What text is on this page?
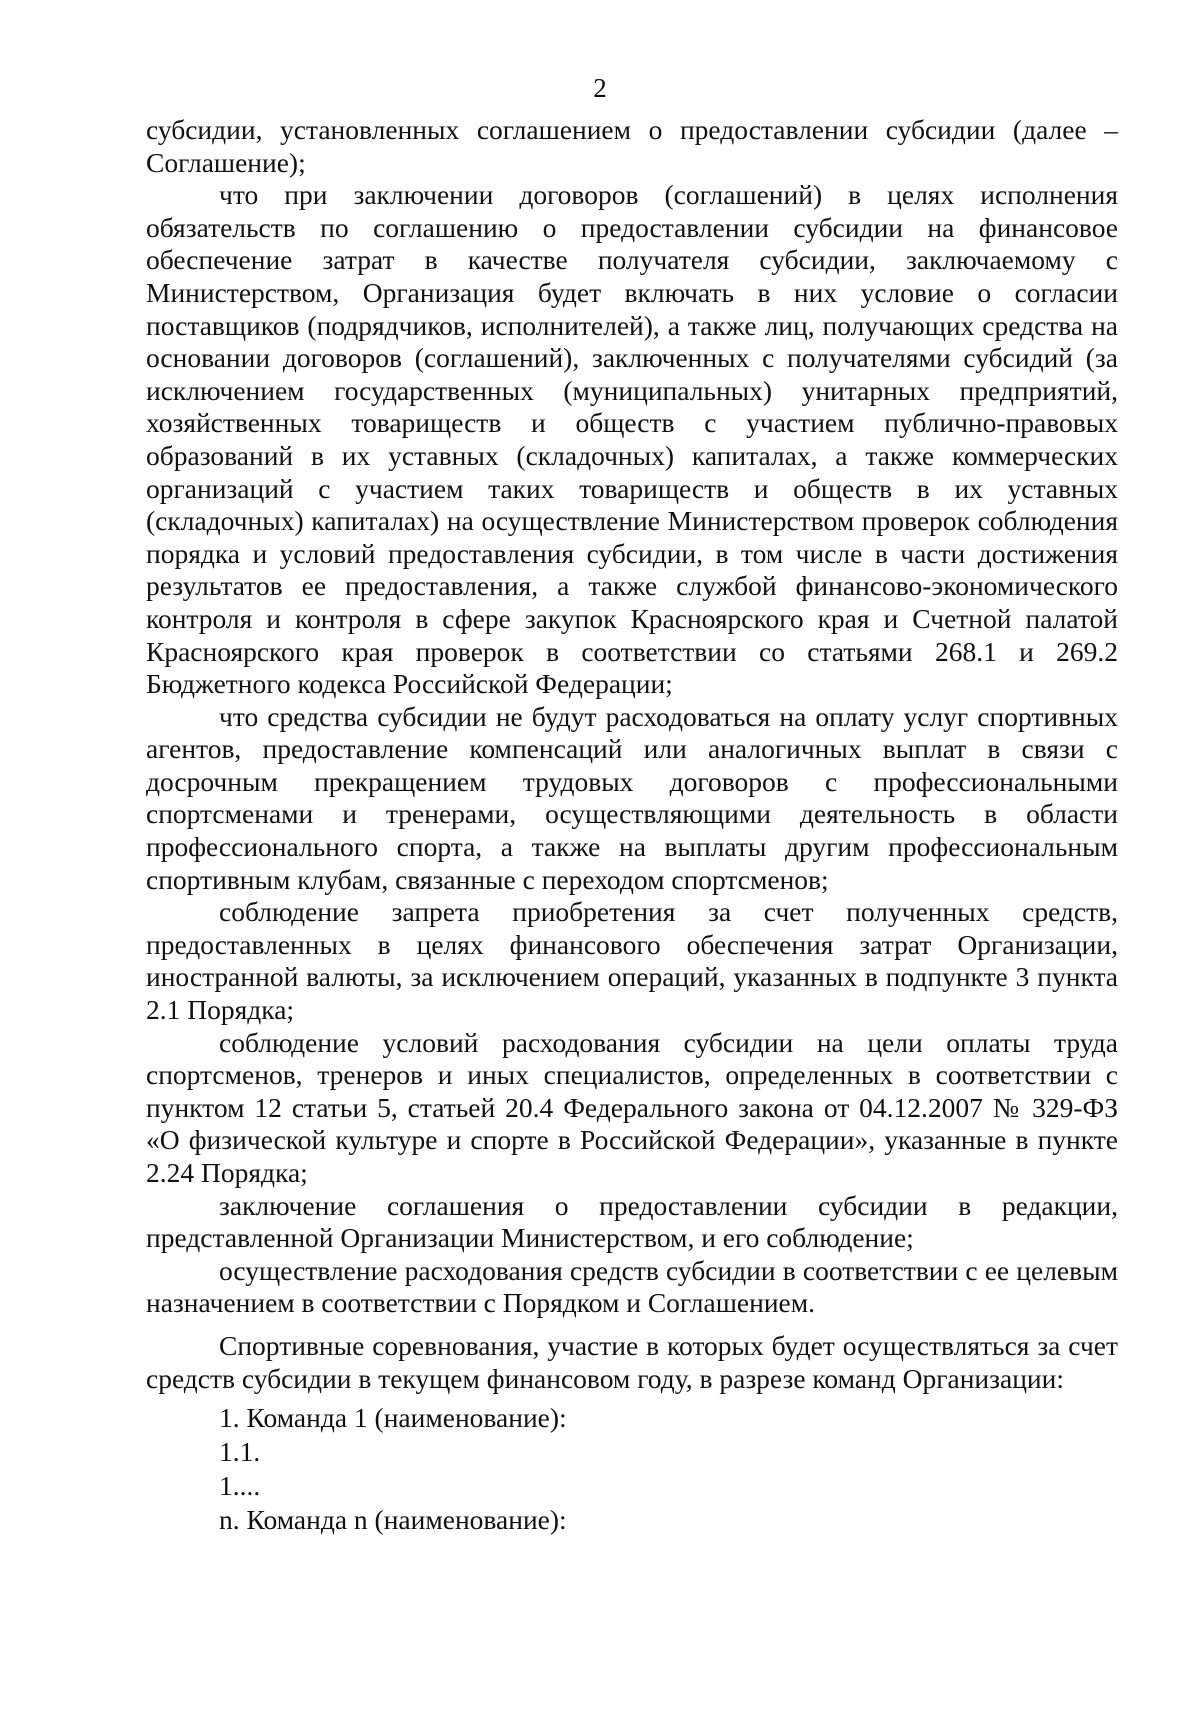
2

субсидии, установленных соглашением о предоставлении субсидии (далее – Соглашение);

что при заключении договоров (соглашений) в целях исполнения обязательств по соглашению о предоставлении субсидии на финансовое обеспечение затрат в качестве получателя субсидии, заключаемому с Министерством, Организация будет включать в них условие о согласии поставщиков (подрядчиков, исполнителей), а также лиц, получающих средства на основании договоров (соглашений), заключенных с получателями субсидий (за исключением государственных (муниципальных) унитарных предприятий, хозяйственных товариществ и обществ с участием публично-правовых образований в их уставных (складочных) капиталах, а также коммерческих организаций с участием таких товариществ и обществ в их уставных (складочных) капиталах) на осуществление Министерством проверок соблюдения порядка и условий предоставления субсидии, в том числе в части достижения результатов ее предоставления, а также службой финансово-экономического контроля и контроля в сфере закупок Красноярского края и Счетной палатой Красноярского края проверок в соответствии со статьями 268.1 и 269.2 Бюджетного кодекса Российской Федерации;

что средства субсидии не будут расходоваться на оплату услуг спортивных агентов, предоставление компенсаций или аналогичных выплат в связи с досрочным прекращением трудовых договоров с профессиональными спортсменами и тренерами, осуществляющими деятельность в области профессионального спорта, а также на выплаты другим профессиональным спортивным клубам, связанные с переходом спортсменов;

соблюдение запрета приобретения за счет полученных средств, предоставленных в целях финансового обеспечения затрат Организации, иностранной валюты, за исключением операций, указанных в подпункте 3 пункта 2.1 Порядка;

соблюдение условий расходования субсидии на цели оплаты труда спортсменов, тренеров и иных специалистов, определенных в соответствии с пунктом 12 статьи 5, статьей 20.4 Федерального закона от 04.12.2007 № 329-ФЗ «О физической культуре и спорте в Российской Федерации», указанные в пункте 2.24 Порядка;

заключение соглашения о предоставлении субсидии в редакции, представленной Организации Министерством, и его соблюдение;

осуществление расходования средств субсидии в соответствии с ее целевым назначением в соответствии с Порядком и Соглашением.

Спортивные соревнования, участие в которых будет осуществляться за счет средств субсидии в текущем финансовом году, в разрезе команд Организации:

1. Команда 1 (наименование):
1.1.
1....
n. Команда n (наименование):
